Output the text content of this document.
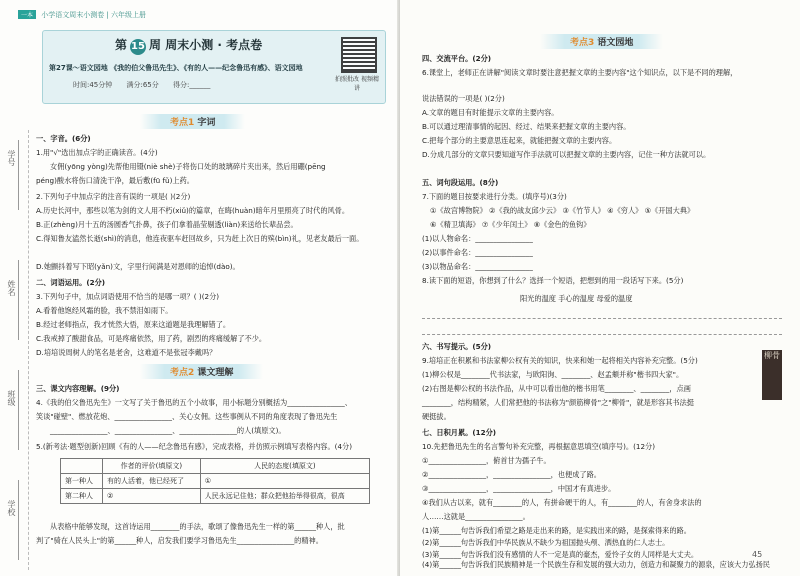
一本 小学语文周末小测卷 | 六年级上册
学号
姓名
班级
学校
第 15 周 周末小测 · 考点卷
第27课～语文园地 《我的伯父鲁迅先生》、《有的人——纪念鲁迅有感》、语文园地
时间:45分钟 满分:65分 得分:______
拍照批改 视频精讲
考点1 字词
一、字音。(6分)
1.用"√"选出加点字的正确读音。(4分)
女佣(yōng yòng)先帮他用镊(niè shè)子将伤口处的玻璃碎片夹出来，然后用硼(pēng
péng)酸水将伤口清洗干净，最后敷(fū fǔ)上药。
2.下列句子中加点字的注音有误的一项是( )(2分)
A.历史长河中，那些以笔为剑的文人用不朽(xiǔ)的篇章，在晦(huàn)暗年月里照亮了时代的风骨。
B.正(zhèng)月十五的汤圆香气扑鼻，孩子们拿着晶莹剔透(liàn)来送给长辈品尝。
C.得知鲁友溘然长逝(shì)的消息，他连夜驱车赶回故乡，只为赶上次日的殡(bìn)礼，见老友最后一面。
D.她颤抖着写下昭(yǎn)文，字里行间满是对恩师的追悼(dào)。
二、词语运用。(2分)
3.下列句子中，加点词语使用不恰当的是哪一项？( )(2分)
A.看着他饱经风霜的脸，我不禁泪如雨下。
B.经过老师指点，我才恍然大悟，原来这道题是我理解错了。
C.我戒掉了酸甜食品，可是疼痛依然，用了药，剧烈的疼痛缓解了不少。
D.培培说周树人的笔名是老舍，这难道不是张冠李戴吗？
考点2 课文理解
三、课文内容理解。(9分)
4.《我的伯父鲁迅先生》一文写了关于鲁迅的五个小故事，用小标题分别概括为________________、
笑谈"碰壁"、燃放花炮、________________、关心女佣。这些事例从不同的角度表现了鲁迅先生
________________、________________、________________的人(填原文)。
5.(新考法·题型创新)回顾《有的人——纪念鲁迅有感》，完成表格，并仿照示例填写表格内容。(4分)
	作者的评价(填原文)	人民的态度(填原文)
第一种人	有的人活着，他已经死了	①
第二种人	②	人民永远记住他；群众把他抬举得很高，很高
从表格中能够发现，这首诗运用________的手法，歌颂了像鲁迅先生一样的第______种人，批
判了"骑在人民头上"的第______种人，启发我们要学习鲁迅先生________________的精神。
考点3 语文园地
四、交流平台。(2分)
6.课堂上，老师正在讲解"阅读文章时要注意把握文章的主要内容"这个知识点，以下是不同的理解，
说法错误的一项是( )(2分)
A.文章的题目有时能提示文章的主要内容。
B.可以通过理清事情的起因、经过、结果来把握文章的主要内容。
C.把每个部分的主要意思连起来，就能把握文章的主要内容。
D.分成几部分的文章只要知道写作手法就可以把握文章的主要内容，记住一种方法就可以。
五、词句段运用。(8分)
7.下面的题目按要求进行分类。(填序号)(3分)
①《故宫博物院》 ②《我的战友邱少云》 ③《竹节人》 ④《穷人》 ⑤《开国大典》
⑥《精卫填海》 ⑦《少年闰土》 ⑧《金色的鱼钩》
(1)以人物命名：________________
(2)以事件命名：________________
(3)以物品命名：________________
8.读下面的短语，你想到了什么？选择一个短语，把想到的用一段话写下来。(5分)
阳光的温度 手心的温度 母爱的温度
六、书写提示。(5分)
9.培培正在积累和书法家柳公权有关的知识，快来和她一起将相关内容补充完整。(5分)
(1)柳公权是________代书法家，与欧阳询、________、赵孟頫并称"楷书四大家"。
(2)右图是柳公权的书法作品，从中可以看出他的楷书用笔________、________，点画
________，结构精紧，人们常把他的书法称为"颜筋柳骨"之"柳骨"，就是形容其书法挺
硬挺拔。
七、日积月累。(12分)
10.先把鲁迅先生的名言警句补充完整，再根据意思填空(填序号)。(12分)
①________________，俯首甘为孺子牛。
②________________，________________，也便成了路。
③________________，________________，中国才有真进步。
④我们从古以来，就有________的人，有拼命硬干的人，有________的人，有舍身求法的
人……这就是________________。
(1)第______句告诉我们希望之路是走出来的路，是实践出来的路，是探索得来的路。
(2)第______句告诉我们中华民族从不缺少为祖国抛头颅、洒热血的仁人志士。
(3)第______句告诉我们没有感情的人不一定是真的豪杰，爱怜子女的人同样是大丈夫。
(4)第______句告诉我们民族精神是一个民族生存和发展的强大动力，创造力和凝聚力的源泉，应该大力弘扬民
45
柳骨
